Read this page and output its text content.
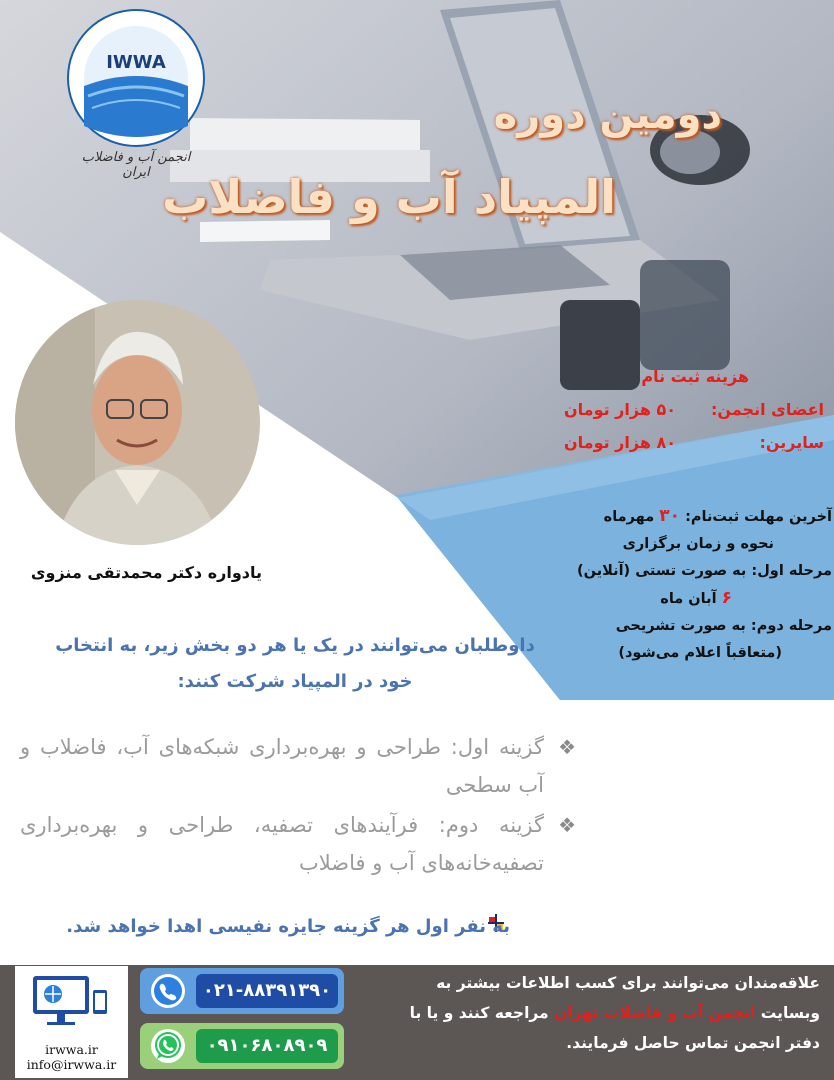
IWWA
انجمن آب و فاضلاب ایران
دومین دوره
المپیاد آب و فاضلاب
هزینه ثبت نام
اعضای انجمن:
۵۰ هزار تومان
سایرین:
۸۰ هزار تومان
یادواره دکتر محمدتقی منزوی
آخرین مهلت ثبت‌نام: ۳۰ مهرماه
نحوه و زمان برگزاری
مرحله اول: به صورت تستی (آنلاین)
۶ آبان ماه
مرحله دوم: به صورت تشریحی
(متعاقباً اعلام می‌شود)
داوطلبان می‌توانند در یک یا هر دو بخش زیر، به انتخاب خود در المپیاد شرکت کنند:
❖
گزینه اول: طراحی و بهره‌برداری شبکه‌های آب، فاضلاب و آب سطحی
❖
گزینه دوم: فرآیندهای تصفیه، طراحی و بهره‌برداری تصفیه‌خانه‌های آب و فاضلاب
به نفر اول هر گزینه جایزه نفیسی اهدا خواهد شد.
علاقه‌مندان می‌توانند برای کسب اطلاعات بیشتر به وبسایت انجمن آب و فاضلاب تهران مراجعه کنند و یا با دفتر انجمن تماس حاصل فرمایند.
۰۲۱-۸۸۳۹۱۳۹۰
۰۹۱۰۶۸۰۸۹۰۹
irwwa.ir
info@irwwa.ir
